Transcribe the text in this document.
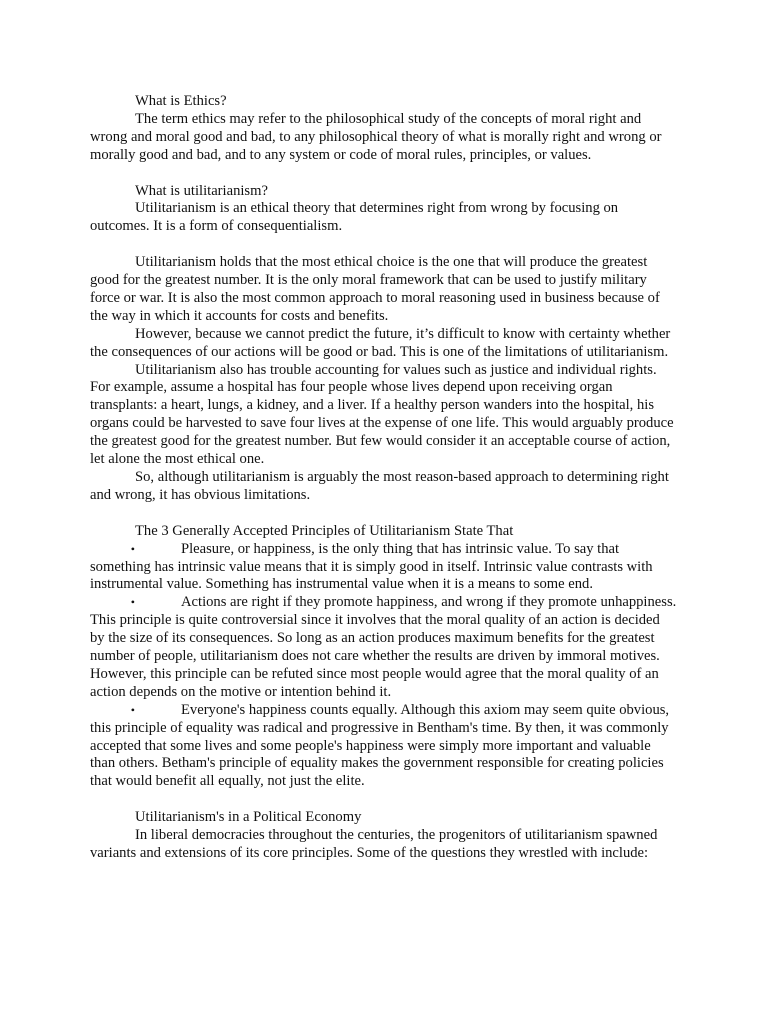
What is Ethics?

The term ethics may refer to the philosophical study of the concepts of moral right and wrong and moral good and bad, to any philosophical theory of what is morally right and wrong or morally good and bad, and to any system or code of moral rules, principles, or values.

What is utilitarianism?

Utilitarianism is an ethical theory that determines right from wrong by focusing on outcomes. It is a form of consequentialism.

Utilitarianism holds that the most ethical choice is the one that will produce the greatest good for the greatest number. It is the only moral framework that can be used to justify military force or war. It is also the most common approach to moral reasoning used in business because of the way in which it accounts for costs and benefits.

However, because we cannot predict the future, it’s difficult to know with certainty whether the consequences of our actions will be good or bad. This is one of the limitations of utilitarianism.

Utilitarianism also has trouble accounting for values such as justice and individual rights. For example, assume a hospital has four people whose lives depend upon receiving organ transplants: a heart, lungs, a kidney, and a liver. If a healthy person wanders into the hospital, his organs could be harvested to save four lives at the expense of one life. This would arguably produce the greatest good for the greatest number. But few would consider it an acceptable course of action, let alone the most ethical one.

So, although utilitarianism is arguably the most reason-based approach to determining right and wrong, it has obvious limitations.

The 3 Generally Accepted Principles of Utilitarianism State That

•	Pleasure, or happiness, is the only thing that has intrinsic value. To say that something has intrinsic value means that it is simply good in itself. Intrinsic value contrasts with instrumental value. Something has instrumental value when it is a means to some end.

•	Actions are right if they promote happiness, and wrong if they promote unhappiness.

This principle is quite controversial since it involves that the moral quality of an action is decided by the size of its consequences. So long as an action produces maximum benefits for the greatest number of people, utilitarianism does not care whether the results are driven by immoral motives. However, this principle can be refuted since most people would agree that the moral quality of an action depends on the motive or intention behind it.

•	Everyone's happiness counts equally. Although this axiom may seem quite obvious, this principle of equality was radical and progressive in Bentham's time. By then, it was commonly accepted that some lives and some people's happiness were simply more important and valuable than others. Betham's principle of equality makes the government responsible for creating policies that would benefit all equally, not just the elite.

Utilitarianism's in a Political Economy

In liberal democracies throughout the centuries, the progenitors of utilitarianism spawned variants and extensions of its core principles. Some of the questions they wrestled with include:
